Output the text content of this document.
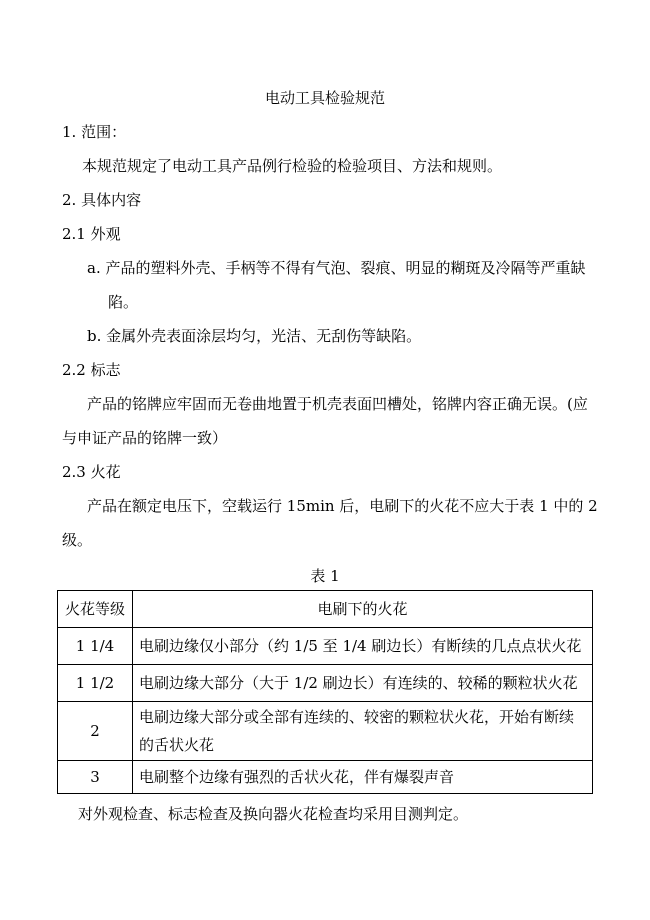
电动工具检验规范
1. 范围：
本规范规定了电动工具产品例行检验的检验项目、方法和规则。
2. 具体内容
2.1 外观
a. 产品的塑料外壳、手柄等不得有气泡、裂痕、明显的糊斑及冷隔等严重缺
陷。
b. 金属外壳表面涂层均匀，光洁、无刮伤等缺陷。
2.2 标志
产品的铭牌应牢固而无卷曲地置于机壳表面凹槽处，铭牌内容正确无误。(应
与申证产品的铭牌一致）
2.3 火花
产品在额定电压下，空载运行 15min 后，电刷下的火花不应大于表 1 中的 2
级。
表 1
火花等级	电刷下的火花
1 1/4	电刷边缘仅小部分（约 1/5 至 1/4 刷边长）有断续的几点点状火花
1 1/2	电刷边缘大部分（大于 1/2 刷边长）有连续的、较稀的颗粒状火花
2	电刷边缘大部分或全部有连续的、较密的颗粒状火花，开始有断续
的舌状火花

3	电刷整个边缘有强烈的舌状火花，伴有爆裂声音
对外观检查、标志检查及换向器火花检查均采用目测判定。
